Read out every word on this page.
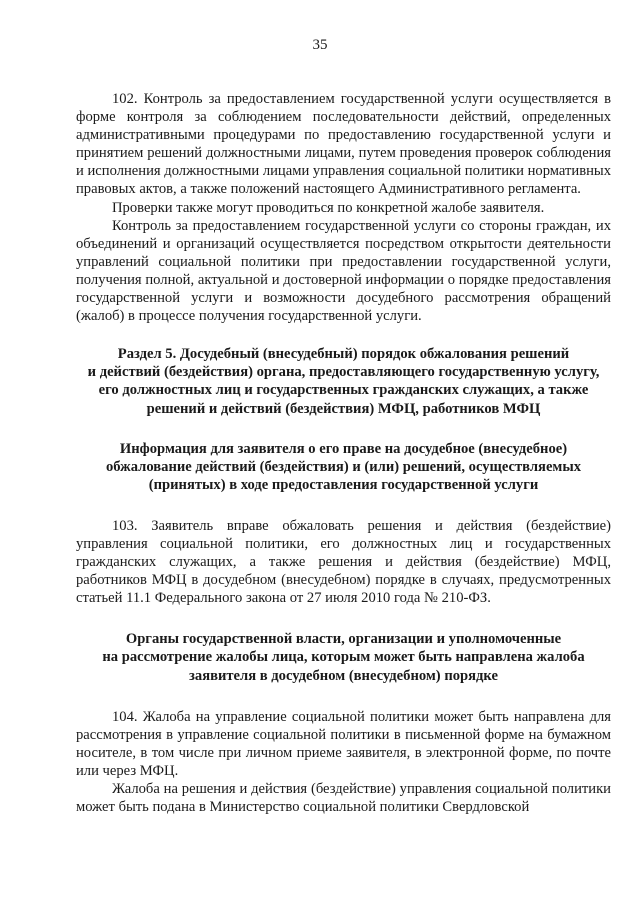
35

102. Контроль за предоставлением государственной услуги осуществляется в форме контроля за соблюдением последовательности действий, определенных административными процедурами по предоставлению государственной услуги и принятием решений должностными лицами, путем проведения проверок соблюдения и исполнения должностными лицами управления социальной политики нормативных правовых актов, а также положений настоящего Административного регламента.

Проверки также могут проводиться по конкретной жалобе заявителя.

Контроль за предоставлением государственной услуги со стороны граждан, их объединений и организаций осуществляется посредством открытости деятельности управлений социальной политики при предоставлении государственной услуги, получения полной, актуальной и достоверной информации о порядке предоставления государственной услуги и возможности досудебного рассмотрения обращений (жалоб) в процессе получения государственной услуги.

Раздел 5. Досудебный (внесудебный) порядок обжалования решений
и действий (бездействия) органа, предоставляющего государственную услугу,
его должностных лиц и государственных гражданских служащих, а также
решений и действий (бездействия) МФЦ, работников МФЦ
Информация для заявителя о его праве на досудебное (внесудебное)
обжалование действий (бездействия) и (или) решений, осуществляемых
(принятых) в ходе предоставления государственной услуги

103. Заявитель вправе обжаловать решения и действия (бездействие) управления социальной политики, его должностных лиц и государственных гражданских служащих, а также решения и действия (бездействие) МФЦ, работников МФЦ в досудебном (внесудебном) порядке в случаях, предусмотренных статьей 11.1 Федерального закона от 27 июля 2010 года № 210-ФЗ.

Органы государственной власти, организации и уполномоченные
на рассмотрение жалобы лица, которым может быть направлена жалоба
заявителя в досудебном (внесудебном) порядке

104. Жалоба на управление социальной политики может быть направлена для рассмотрения в управление социальной политики в письменной форме на бумажном носителе, в том числе при личном приеме заявителя, в электронной форме, по почте или через МФЦ.

Жалоба на решения и действия (бездействие) управления социальной политики может быть подана в Министерство социальной политики Свердловской
